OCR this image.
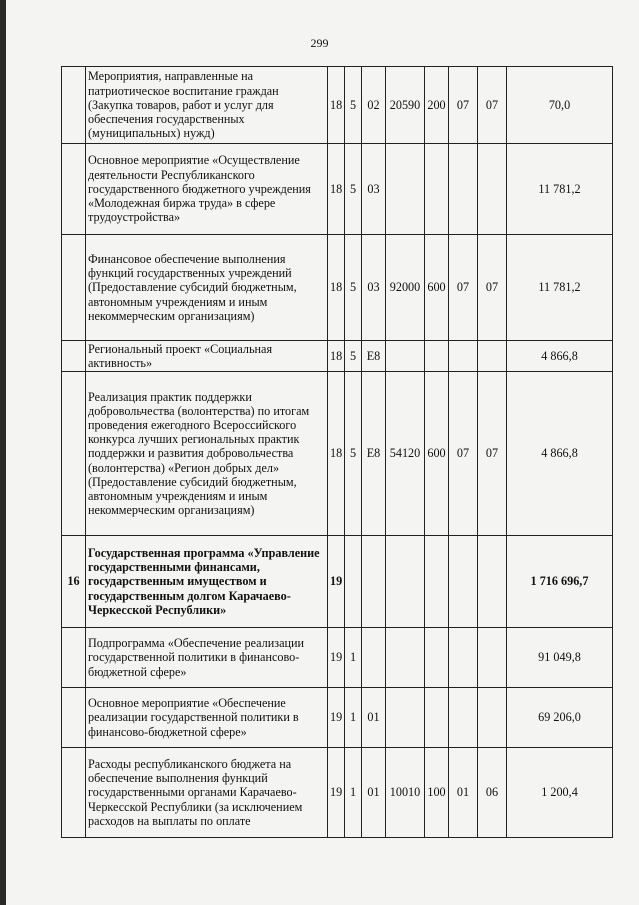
299
	Мероприятия, направленные на патриотическое воспитание граждан (Закупка товаров, работ и услуг для обеспечения государственных (муниципальных) нужд)	18	5	02	20590	200	07	07	70,0
	Основное мероприятие «Осуществление деятельности Республиканского государственного бюджетного учреждения «Молодежная биржа труда» в сфере трудоустройства»	18	5	03					11 781,2
	Финансовое обеспечение выполнения функций государственных учреждений (Предоставление субсидий бюджетным, автономным учреждениям и иным некоммерческим организациям)	18	5	03	92000	600	07	07	11 781,2
	Региональный проект «Социальная активность»	18	5	E8					4 866,8
	Реализация практик поддержки добровольчества (волонтерства) по итогам проведения ежегодного Всероссийского конкурса лучших региональных практик поддержки и развития добровольчества (волонтерства) «Регион добрых дел» (Предоставление субсидий бюджетным, автономным учреждениям и иным некоммерческим организациям)	18	5	E8	54120	600	07	07	4 866,8
16	Государственная программа «Управление государственными финансами, государственным имуществом и государственным долгом Карачаево-Черкесской Республики»	19							1 716 696,7
	Подпрограмма «Обеспечение реализации государственной политики в финансово-бюджетной сфере»	19	1						91 049,8
	Основное мероприятие «Обеспечение реализации государственной политики в финансово-бюджетной сфере»	19	1	01					69 206,0
	Расходы республиканского бюджета на обеспечение выполнения функций государственными органами Карачаево-Черкесской Республики (за исключением расходов на выплаты по оплате	19	1	01	10010	100	01	06	1 200,4
